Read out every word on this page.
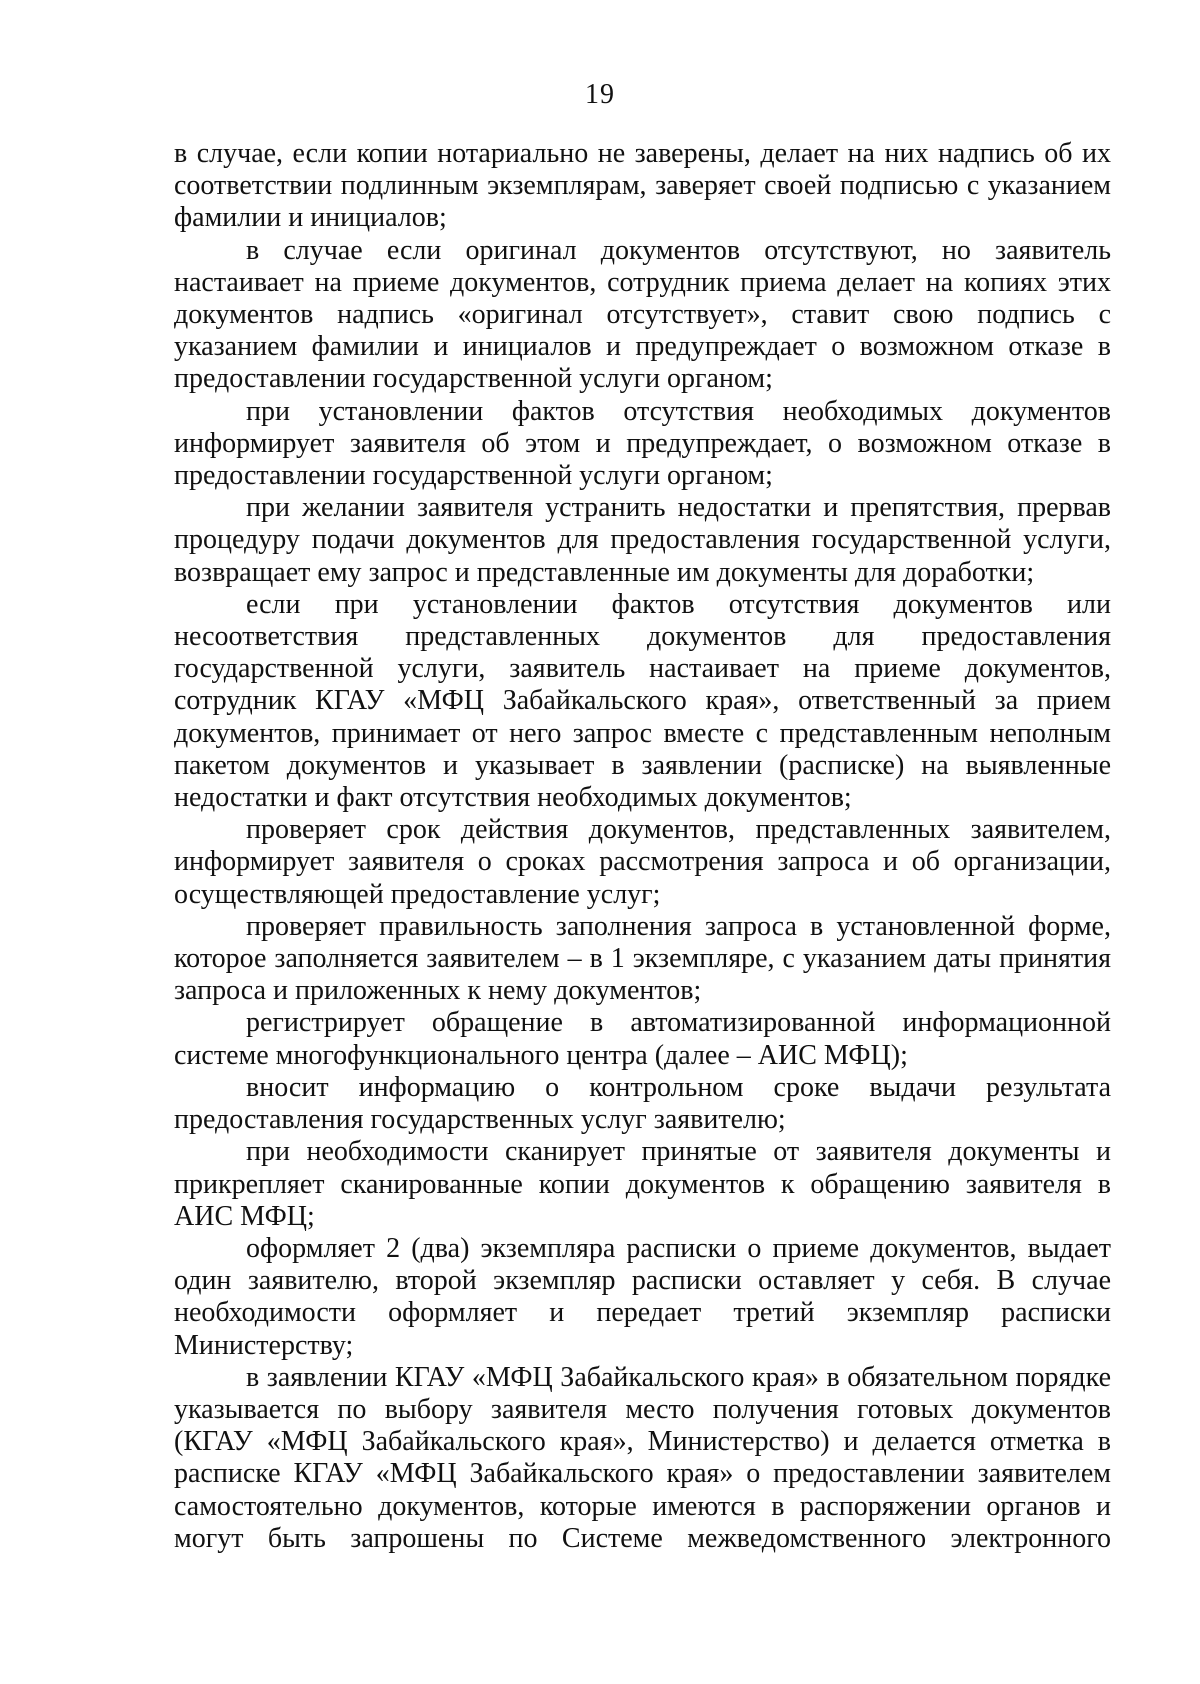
19

в случае, если копии нотариально не заверены, делает на них надпись об их соответствии подлинным экземплярам, заверяет своей подписью с указанием фамилии и инициалов;

в случае если оригинал документов отсутствуют, но заявитель настаивает на приеме документов, сотрудник приема делает на копиях этих документов надпись «оригинал отсутствует», ставит свою подпись с указанием фамилии и инициалов и предупреждает о возможном отказе в предоставлении государственной услуги органом;

при установлении фактов отсутствия необходимых документов информирует заявителя об этом и предупреждает, о возможном отказе в предоставлении государственной услуги органом;

при желании заявителя устранить недостатки и препятствия, прервав процедуру подачи документов для предоставления государственной услуги, возвращает ему запрос и представленные им документы для доработки;

если при установлении фактов отсутствия документов или несоответствия представленных документов для предоставления государственной услуги, заявитель настаивает на приеме документов, сотрудник КГАУ «МФЦ Забайкальского края», ответственный за прием документов, принимает от него запрос вместе с представленным неполным пакетом документов и указывает в заявлении (расписке) на выявленные недостатки и факт отсутствия необходимых документов;

проверяет срок действия документов, представленных заявителем, информирует заявителя о сроках рассмотрения запроса и об организации, осуществляющей предоставление услуг;

проверяет правильность заполнения запроса в установленной форме, которое заполняется заявителем – в 1 экземпляре, с указанием даты принятия запроса и приложенных к нему документов;

регистрирует обращение в автоматизированной информационной системе многофункционального центра (далее – АИС МФЦ);

вносит информацию о контрольном сроке выдачи результата предоставления государственных услуг заявителю;

при необходимости сканирует принятые от заявителя документы и прикрепляет сканированные копии документов к обращению заявителя в АИС МФЦ;

оформляет 2 (два) экземпляра расписки о приеме документов, выдает один заявителю, второй экземпляр расписки оставляет у себя. В случае необходимости оформляет и передает третий экземпляр расписки Министерству;

в заявлении КГАУ «МФЦ Забайкальского края» в обязательном порядке указывается по выбору заявителя место получения готовых документов (КГАУ «МФЦ Забайкальского края», Министерство) и делается отметка в расписке КГАУ «МФЦ Забайкальского края» о предоставлении заявителем самостоятельно документов, которые имеются в распоряжении органов и могут быть запрошены по Системе межведомственного электронного
